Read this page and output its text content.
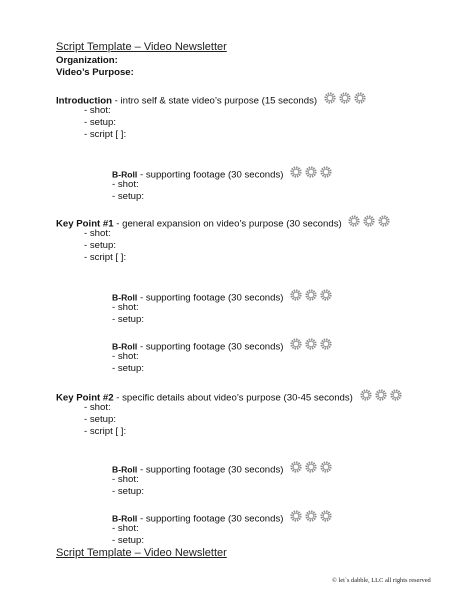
Script Template – Video Newsletter
Organization:
Video’s Purpose:
Introduction - intro self & state video’s purpose (15 seconds)
- shot:
- setup:
- script [ ]:
B-Roll - supporting footage (30 seconds)
- shot:
- setup:
Key Point #1 - general expansion on video’s purpose (30 seconds)
- shot:
- setup:
- script [ ]:
B-Roll - supporting footage (30 seconds)
- shot:
- setup:
B-Roll - supporting footage (30 seconds)
- shot:
- setup:
Key Point #2 - specific details about video’s purpose (30-45 seconds)
- shot:
- setup:
- script [ ]:
B-Roll - supporting footage (30 seconds)
- shot:
- setup:
B-Roll - supporting footage (30 seconds)
- shot:
- setup:
Script Template – Video Newsletter
© let`s dabble, LLC all rights reserved
